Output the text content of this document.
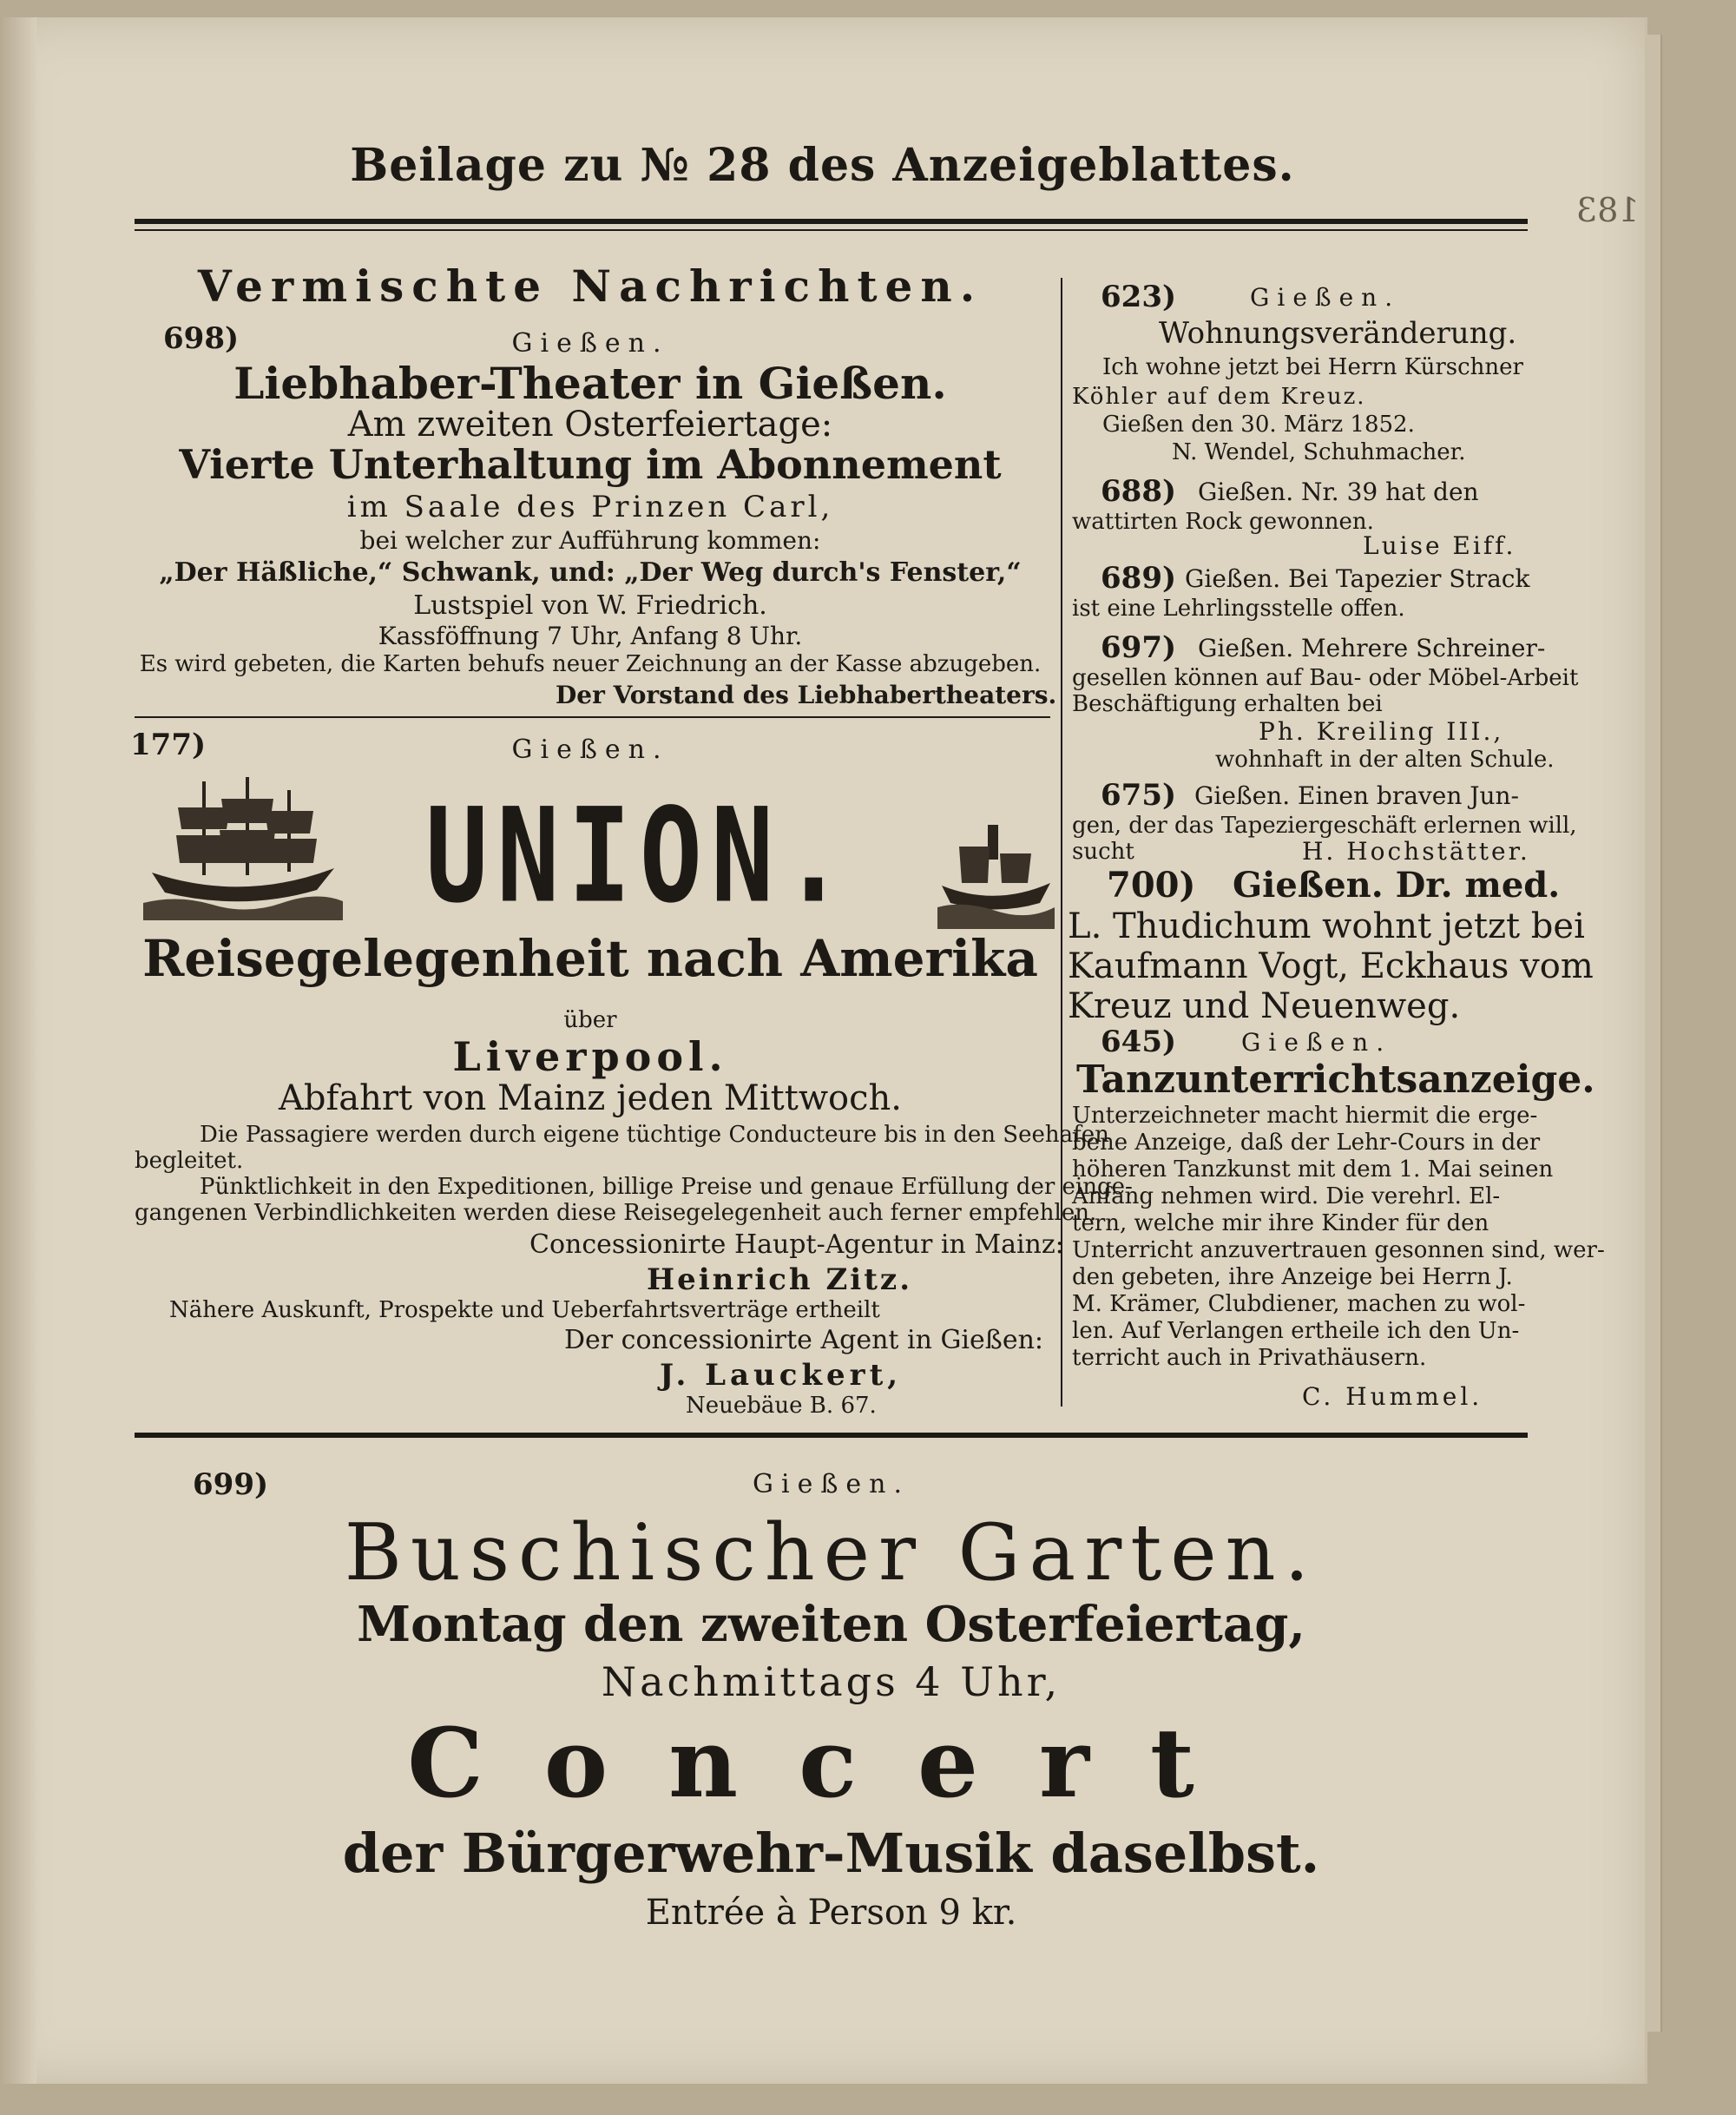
Beilage zu № 28 des Anzeigeblattes.
183
Vermischte Nachrichten.
698)	Gießen.
Liebhaber-Theater in Gießen.
Am zweiten Osterfeiertage:
Vierte Unterhaltung im Abonnement
im Saale des Prinzen Carl,
bei welcher zur Aufführung kommen:
„Der Häßliche,“ Schwank, und: „Der Weg durch's Fenster,“
Lustspiel von W. Friedrich.
Kassföffnung 7 Uhr, Anfang 8 Uhr.
Es wird gebeten, die Karten behufs neuer Zeichnung an der Kasse abzugeben.
Der Vorstand des Liebhabertheaters.
177)	Gießen.
UNION.
Reisegelegenheit nach Amerika
über
Liverpool.
Abfahrt von Mainz jeden Mittwoch.
Die Passagiere werden durch eigene tüchtige Conducteure bis in den Seehafen
begleitet.
Pünktlichkeit in den Expeditionen, billige Preise und genaue Erfüllung der einge-
gangenen Verbindlichkeiten werden diese Reisegelegenheit auch ferner empfehlen.
Concessionirte Haupt-Agentur in Mainz:
Heinrich Zitz.
Nähere Auskunft, Prospekte und Ueberfahrtsverträge ertheilt
Der concessionirte Agent in Gießen:
J. Lauckert,
Neuebäue B. 67.
623)	Gießen.
Wohnungsveränderung.
Ich wohne jetzt bei Herrn Kürschner
Köhler auf dem Kreuz.
Gießen den 30. März 1852.
N. Wendel, Schuhmacher.
688) Gießen. Nr. 39 hat den
wattirten Rock gewonnen.
Luise Eiff.
689) Gießen. Bei Tapezier Strack
ist eine Lehrlingsstelle offen.
697) Gießen. Mehrere Schreiner-
gesellen können auf Bau- oder Möbel-Arbeit
Beschäftigung erhalten bei
Ph. Kreiling III.,
wohnhaft in der alten Schule.
675) Gießen. Einen braven Jun-
gen, der das Tapeziergeschäft erlernen will,
sucht	H. Hochstätter.
700) Gießen. Dr. med.
L. Thudichum wohnt jetzt bei
Kaufmann Vogt, Eckhaus vom
Kreuz und Neuenweg.
645)	Gießen.
Tanzunterrichtsanzeige.
Unterzeichneter macht hiermit die erge-
bene Anzeige, daß der Lehr-Cours in der
höheren Tanzkunst mit dem 1. Mai seinen
Anfang nehmen wird. Die verehrl. El-
tern, welche mir ihre Kinder für den
Unterricht anzuvertrauen gesonnen sind, wer-
den gebeten, ihre Anzeige bei Herrn J.
M. Krämer, Clubdiener, machen zu wol-
len. Auf Verlangen ertheile ich den Un-
terricht auch in Privathäusern.
C. Hummel.
699)	Gießen.
Buschischer Garten.
Montag den zweiten Osterfeiertag,
Nachmittags 4 Uhr,
Concert
der Bürgerwehr-Musik daselbst.
Entrée à Person 9 kr.
